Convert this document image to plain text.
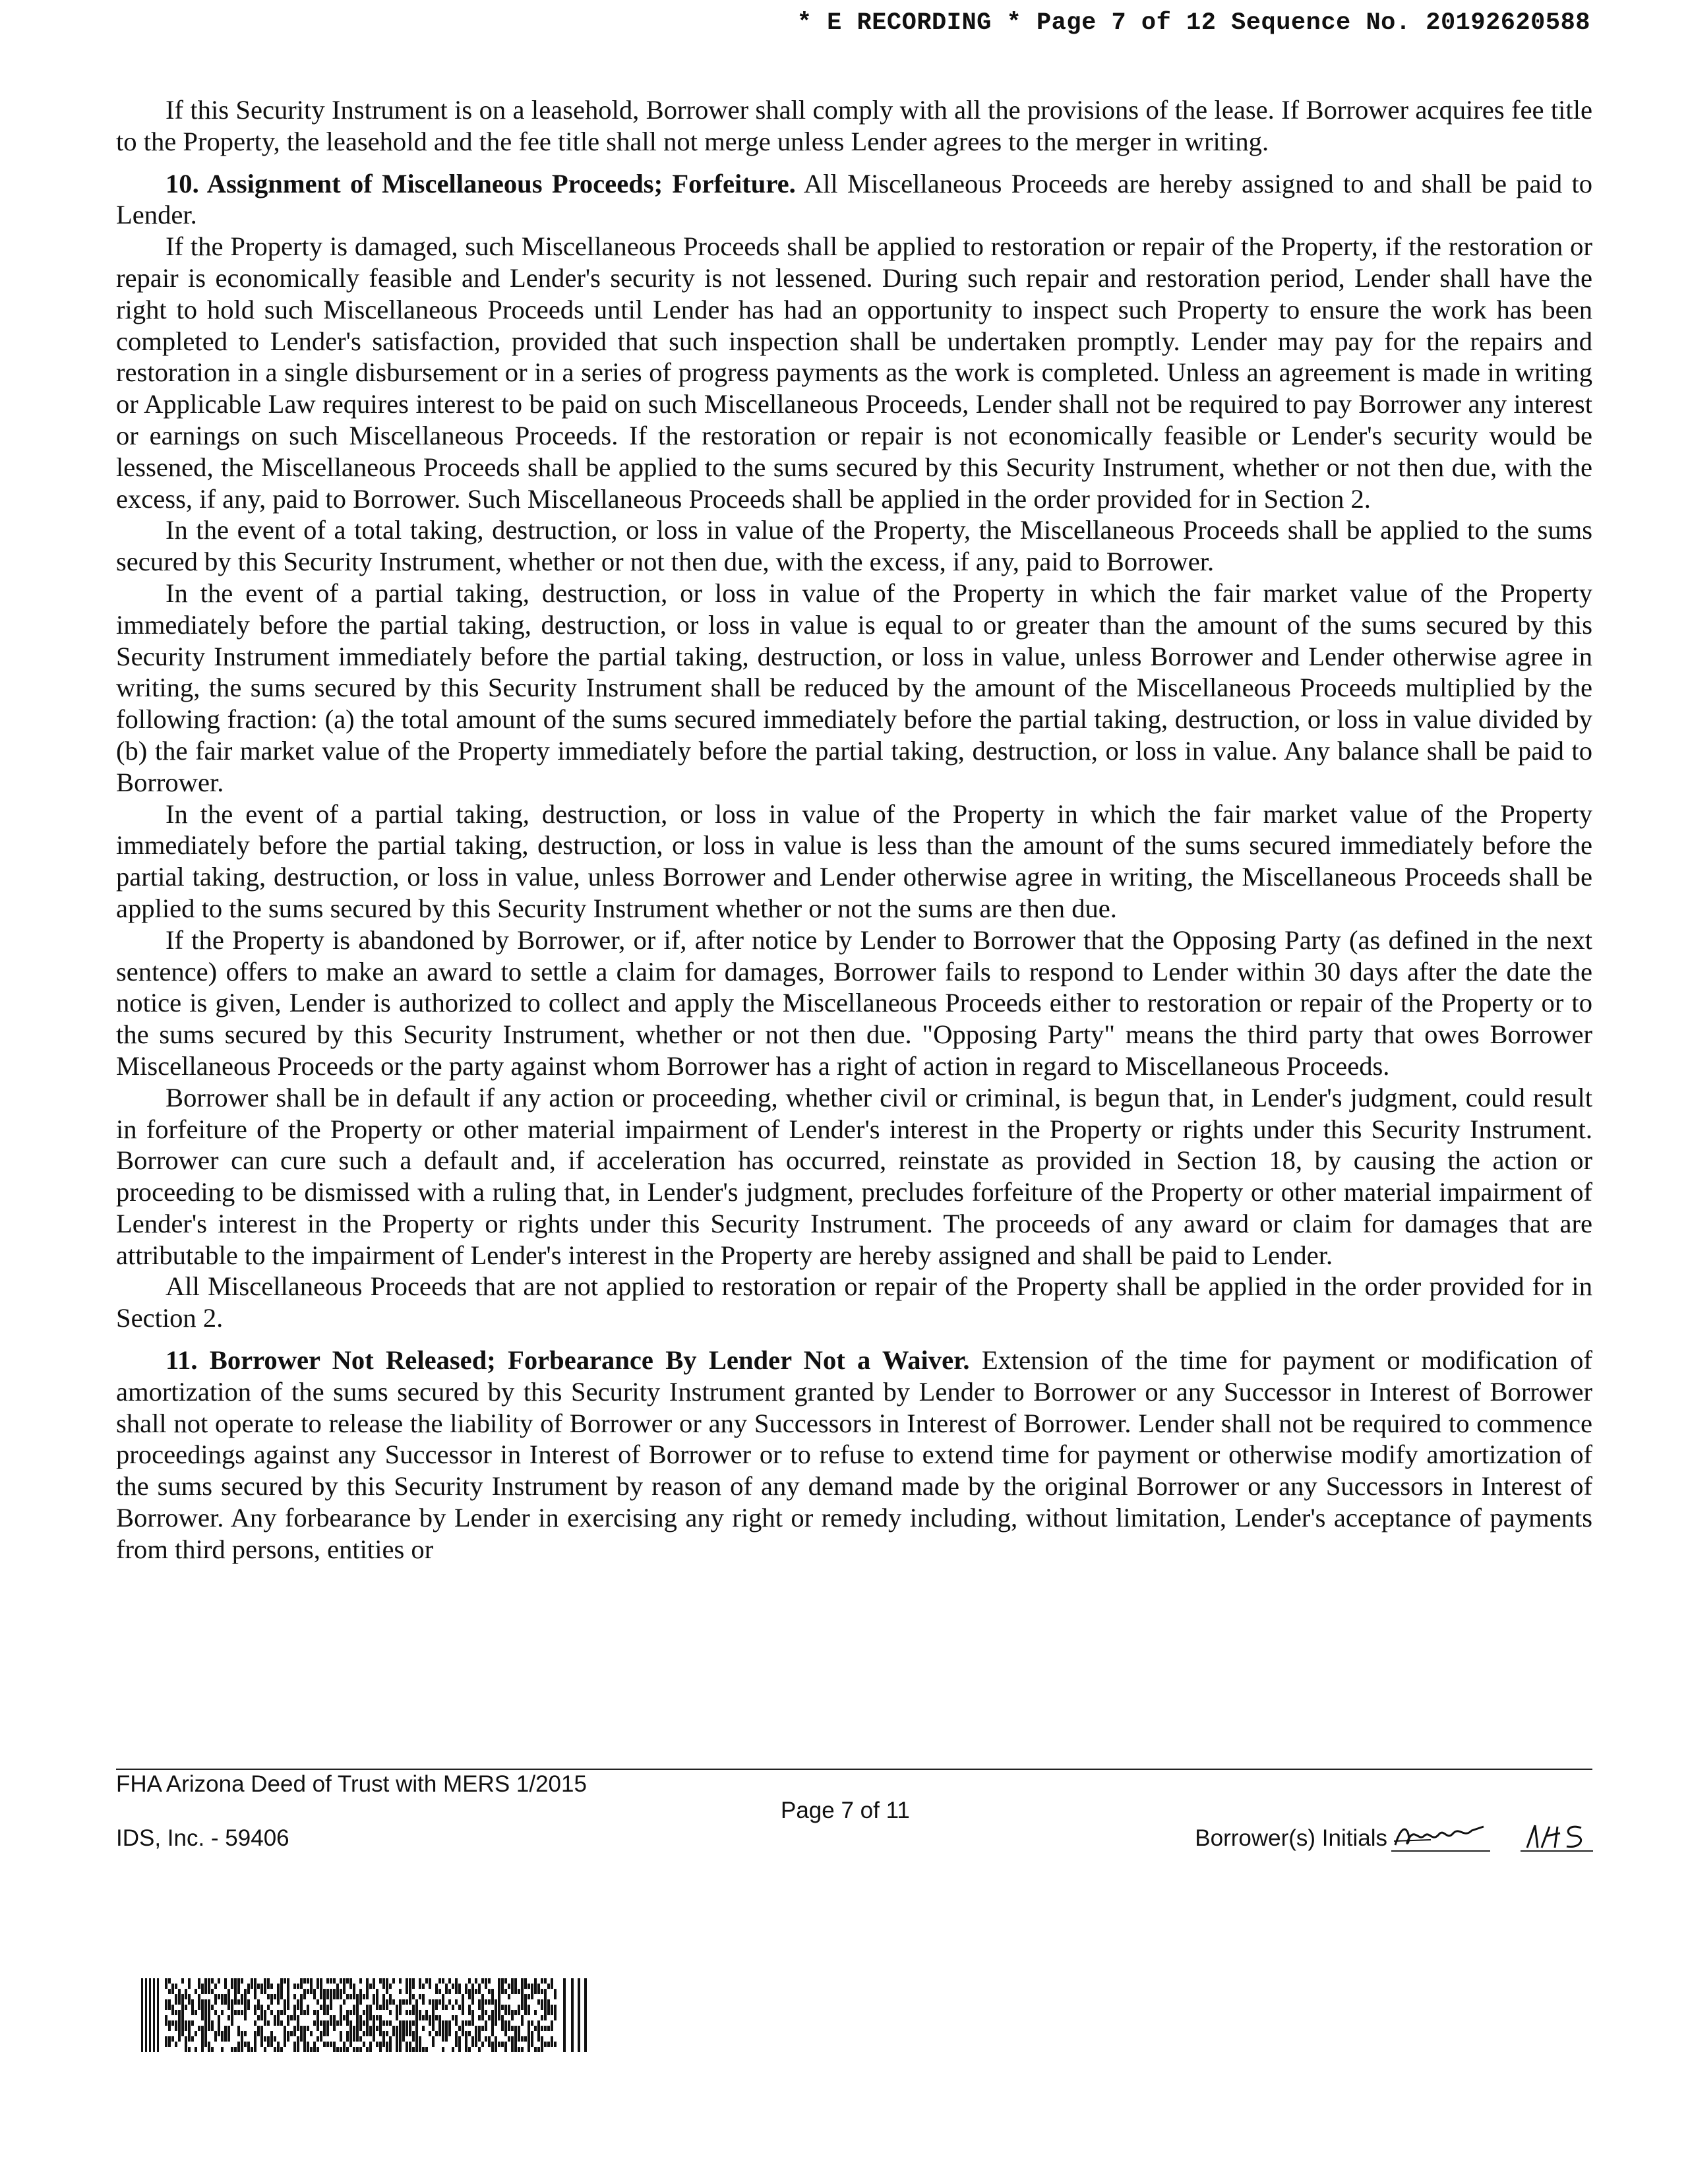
* E RECORDING * Page 7 of 12 Sequence No. 20192620588

If this Security Instrument is on a leasehold, Borrower shall comply with all the provisions of the lease. If Borrower acquires fee title to the Property, the leasehold and the fee title shall not merge unless Lender agrees to the merger in writing.

10. Assignment of Miscellaneous Proceeds; Forfeiture. All Miscellaneous Proceeds are hereby assigned to and shall be paid to Lender.

If the Property is damaged, such Miscellaneous Proceeds shall be applied to restoration or repair of the Property, if the restoration or repair is economically feasible and Lender's security is not lessened. During such repair and restoration period, Lender shall have the right to hold such Miscellaneous Proceeds until Lender has had an opportunity to inspect such Property to ensure the work has been completed to Lender's satisfaction, provided that such inspection shall be undertaken promptly. Lender may pay for the repairs and restoration in a single disbursement or in a series of progress payments as the work is completed. Unless an agreement is made in writing or Applicable Law requires interest to be paid on such Miscellaneous Proceeds, Lender shall not be required to pay Borrower any interest or earnings on such Miscellaneous Proceeds. If the restoration or repair is not economically feasible or Lender's security would be lessened, the Miscellaneous Proceeds shall be applied to the sums secured by this Security Instrument, whether or not then due, with the excess, if any, paid to Borrower. Such Miscellaneous Proceeds shall be applied in the order provided for in Section 2.

In the event of a total taking, destruction, or loss in value of the Property, the Miscellaneous Proceeds shall be applied to the sums secured by this Security Instrument, whether or not then due, with the excess, if any, paid to Borrower.

In the event of a partial taking, destruction, or loss in value of the Property in which the fair market value of the Property immediately before the partial taking, destruction, or loss in value is equal to or greater than the amount of the sums secured by this Security Instrument immediately before the partial taking, destruction, or loss in value, unless Borrower and Lender otherwise agree in writing, the sums secured by this Security Instrument shall be reduced by the amount of the Miscellaneous Proceeds multiplied by the following fraction: (a) the total amount of the sums secured immediately before the partial taking, destruction, or loss in value divided by (b) the fair market value of the Property immediately before the partial taking, destruction, or loss in value. Any balance shall be paid to Borrower.

In the event of a partial taking, destruction, or loss in value of the Property in which the fair market value of the Property immediately before the partial taking, destruction, or loss in value is less than the amount of the sums secured immediately before the partial taking, destruction, or loss in value, unless Borrower and Lender otherwise agree in writing, the Miscellaneous Proceeds shall be applied to the sums secured by this Security Instrument whether or not the sums are then due.

If the Property is abandoned by Borrower, or if, after notice by Lender to Borrower that the Opposing Party (as defined in the next sentence) offers to make an award to settle a claim for damages, Borrower fails to respond to Lender within 30 days after the date the notice is given, Lender is authorized to collect and apply the Miscellaneous Proceeds either to restoration or repair of the Property or to the sums secured by this Security Instrument, whether or not then due. "Opposing Party" means the third party that owes Borrower Miscellaneous Proceeds or the party against whom Borrower has a right of action in regard to Miscellaneous Proceeds.

Borrower shall be in default if any action or proceeding, whether civil or criminal, is begun that, in Lender's judgment, could result in forfeiture of the Property or other material impairment of Lender's interest in the Property or rights under this Security Instrument. Borrower can cure such a default and, if acceleration has occurred, reinstate as provided in Section 18, by causing the action or proceeding to be dismissed with a ruling that, in Lender's judgment, precludes forfeiture of the Property or other material impairment of Lender's interest in the Property or rights under this Security Instrument. The proceeds of any award or claim for damages that are attributable to the impairment of Lender's interest in the Property are hereby assigned and shall be paid to Lender.

All Miscellaneous Proceeds that are not applied to restoration or repair of the Property shall be applied in the order provided for in Section 2.

11. Borrower Not Released; Forbearance By Lender Not a Waiver. Extension of the time for payment or modification of amortization of the sums secured by this Security Instrument granted by Lender to Borrower or any Successor in Interest of Borrower shall not operate to release the liability of Borrower or any Successors in Interest of Borrower. Lender shall not be required to commence proceedings against any Successor in Interest of Borrower or to refuse to extend time for payment or otherwise modify amortization of the sums secured by this Security Instrument by reason of any demand made by the original Borrower or any Successors in Interest of Borrower. Any forbearance by Lender in exercising any right or remedy including, without limitation, Lender's acceptance of payments from third persons, entities or

FHA Arizona Deed of Trust with MERS 1/2015
Page 7 of 11
IDS, Inc. - 59406	Borrower(s) Initials
